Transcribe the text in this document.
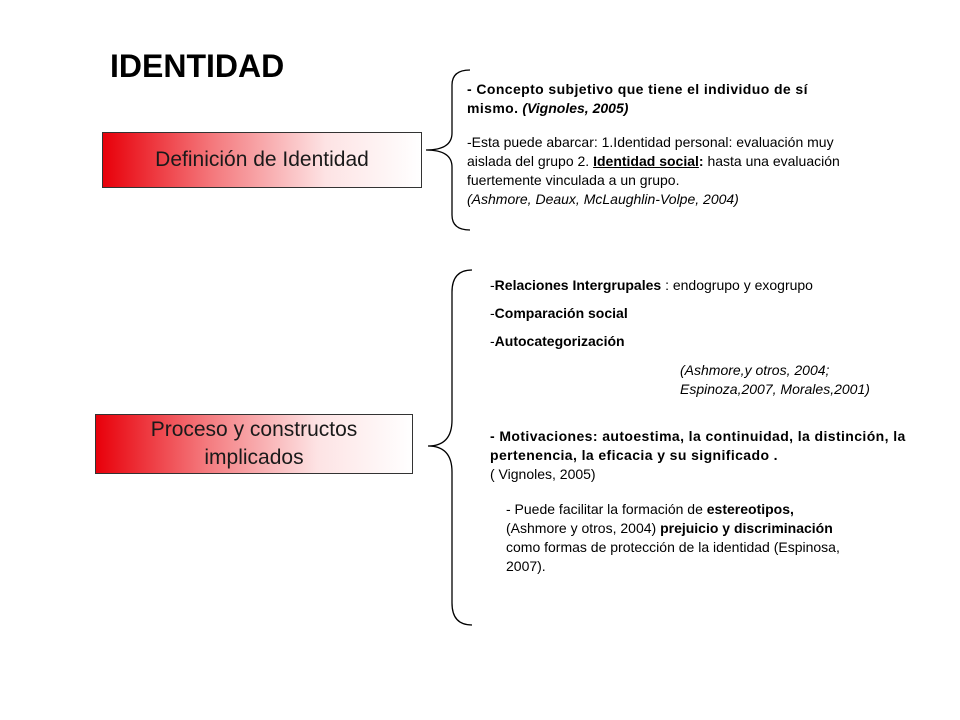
IDENTIDAD
Definición de Identidad
Proceso y constructos
implicados
- Concepto subjetivo que tiene el individuo de sí mismo. (Vignoles, 2005)
-Esta puede abarcar: 1.Identidad personal: evaluación muy aislada del grupo 2. Identidad social: hasta una evaluación fuertemente vinculada a un grupo.
(Ashmore, Deaux, McLaughlin-Volpe, 2004)
-Relaciones Intergrupales : endogrupo y exogrupo
-Comparación social
-Autocategorización
(Ashmore,y otros, 2004;
Espinoza,2007, Morales,2001)
- Motivaciones: autoestima, la continuidad, la distinción, la pertenencia, la eficacia y su significado .
( Vignoles, 2005)
- Puede facilitar la formación de estereotipos, (Ashmore y otros, 2004) prejuicio y discriminación como formas de protección de la identidad (Espinosa, 2007).
